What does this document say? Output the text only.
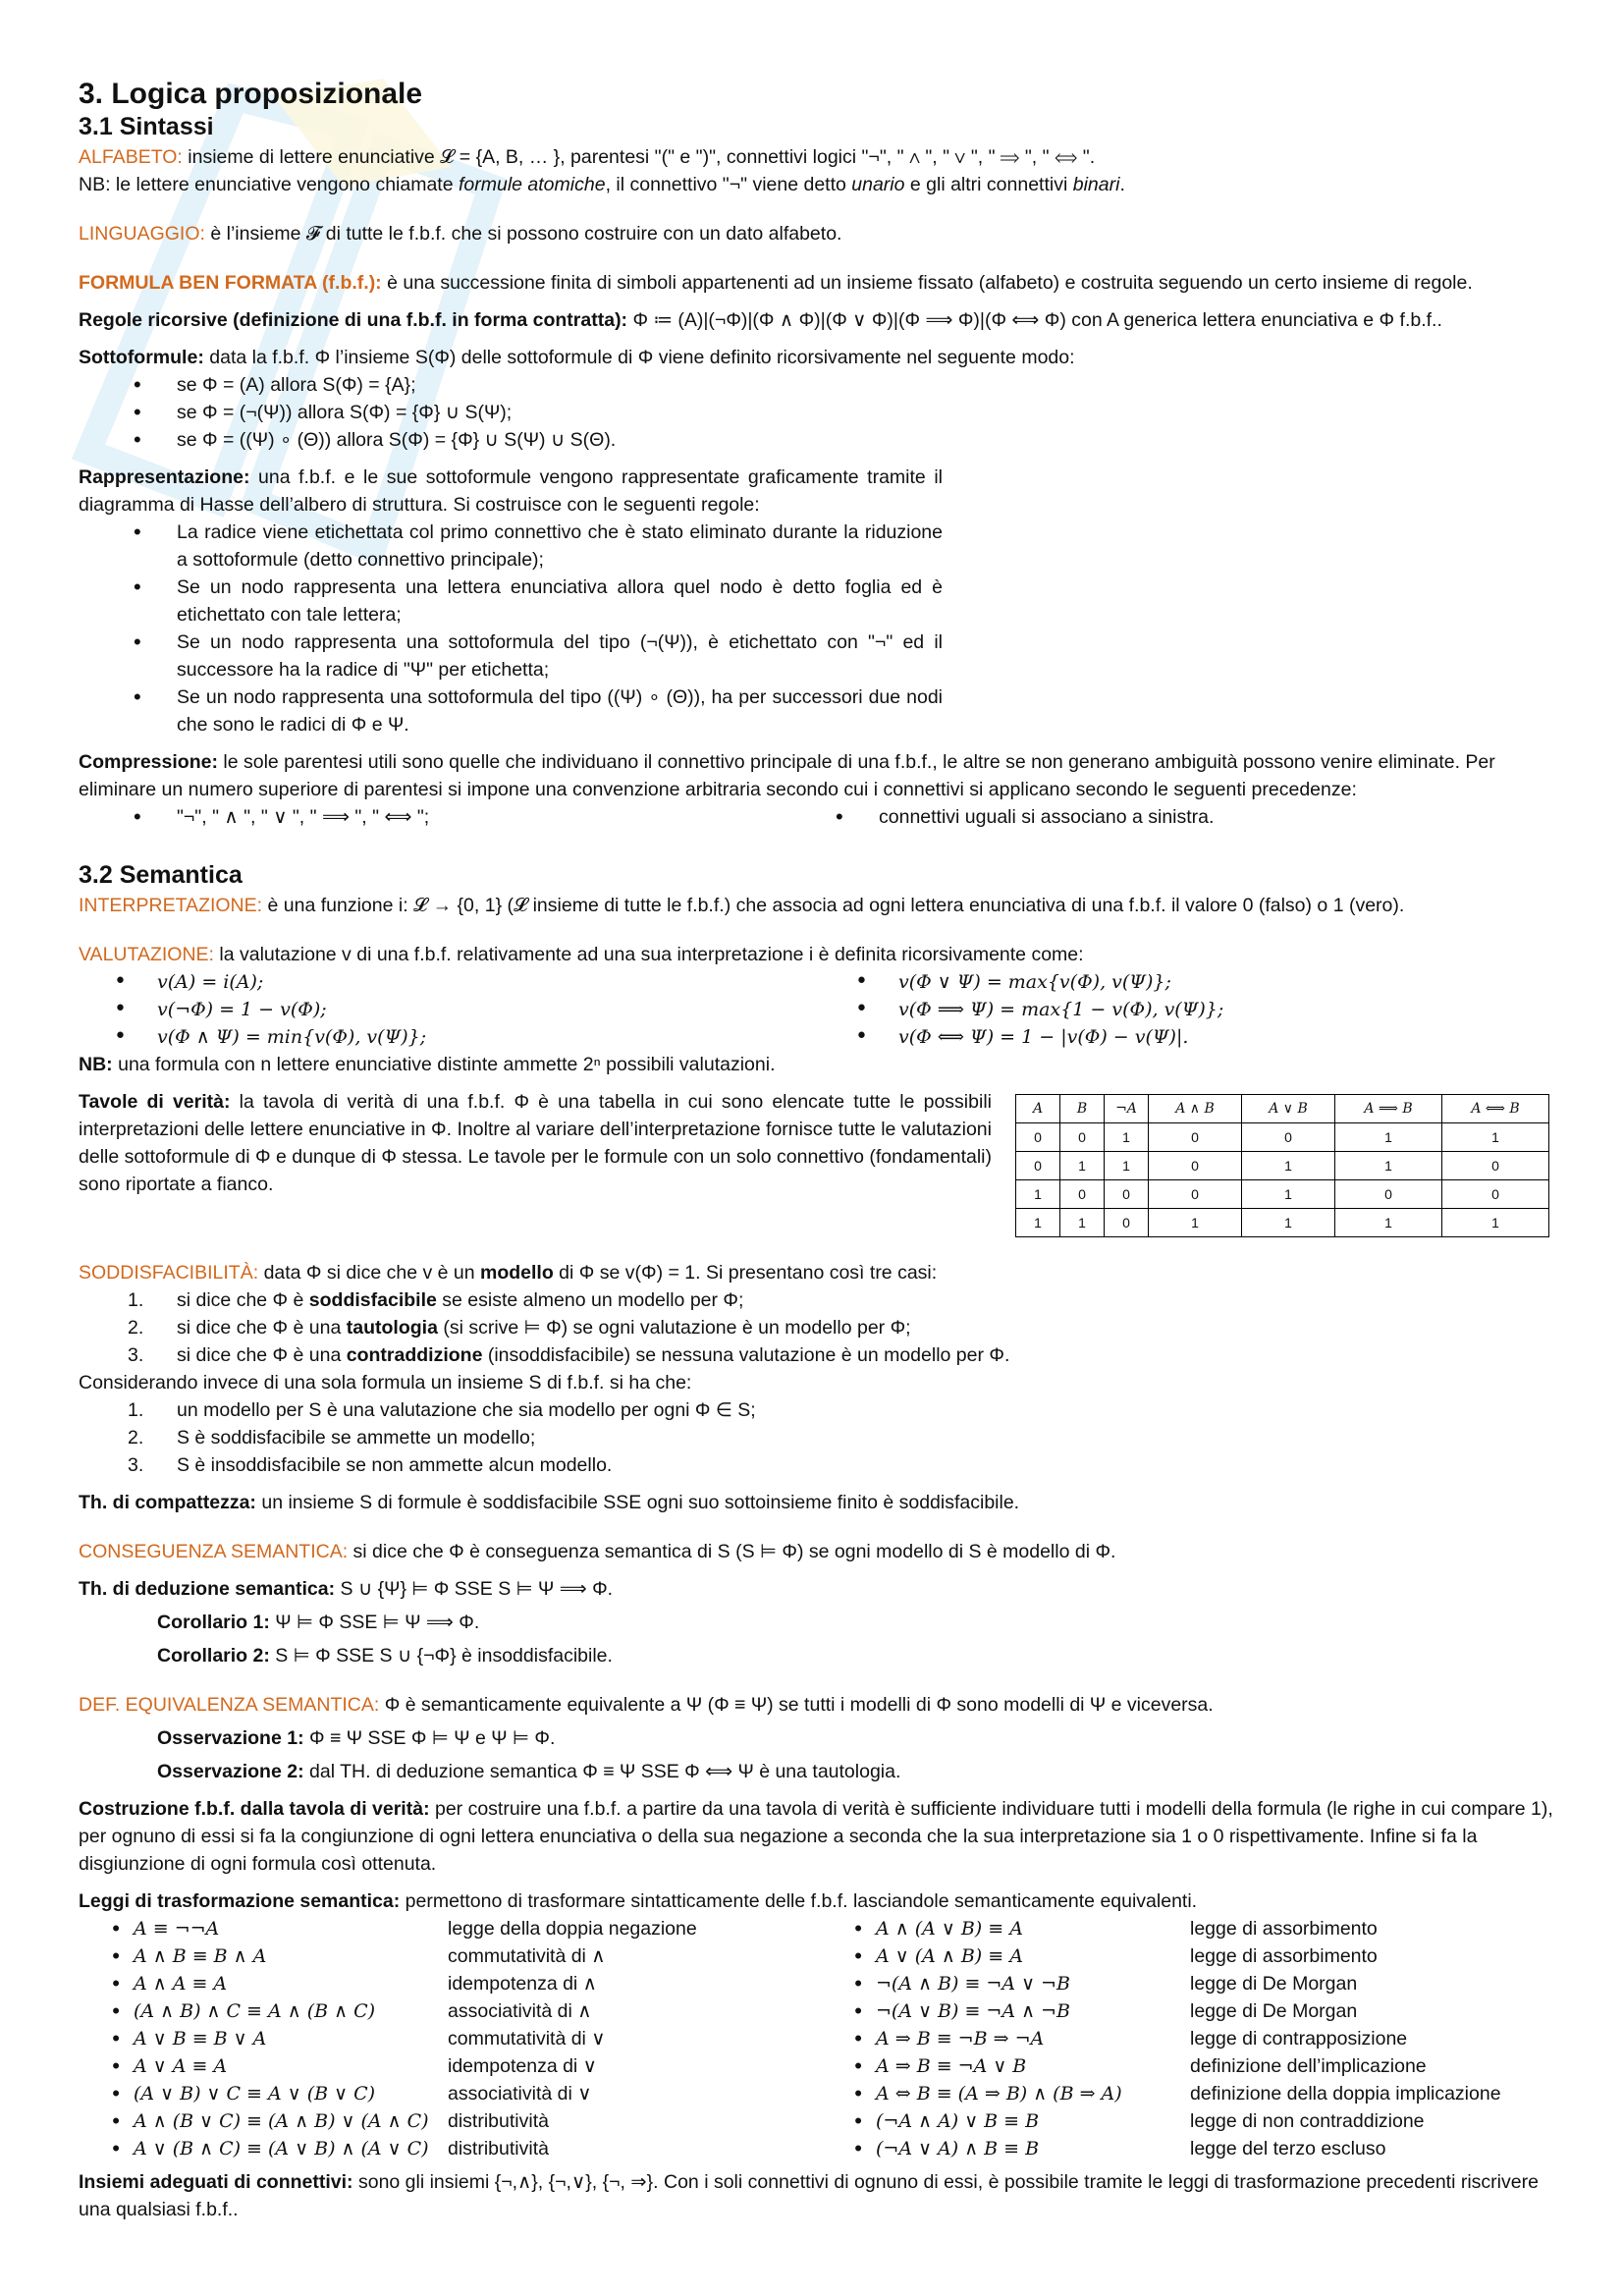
3. Logica proposizionale

3.1 Sintassi

ALFABETO: insieme di lettere enunciative 𝓛 = {A, B, … }, parentesi "(" e ")", connettivi logici "¬", " ∧ ", " ∨ ", " ⟹ ", " ⟺ ".

NB: le lettere enunciative vengono chiamate formule atomiche, il connettivo "¬" viene detto unario e gli altri connettivi binari.

LINGUAGGIO: è l’insieme 𝓕 di tutte le f.b.f. che si possono costruire con un dato alfabeto.

FORMULA BEN FORMATA (f.b.f.): è una successione finita di simboli appartenenti ad un insieme fissato (alfabeto) e costruita seguendo un certo insieme di regole.

Regole ricorsive (definizione di una f.b.f. in forma contratta): Φ ≔ (A)|(¬Φ)|(Φ ∧ Φ)|(Φ ∨ Φ)|(Φ ⟹ Φ)|(Φ ⟺ Φ) con A generica lettera enunciativa e Φ f.b.f..

Sottoformule: data la f.b.f. Φ l’insieme S(Φ) delle sottoformule di Φ viene definito ricorsivamente nel seguente modo:

• se Φ = (A) allora S(Φ) = {A};
• se Φ = (¬(Ψ)) allora S(Φ) = {Φ} ∪ S(Ψ);
• se Φ = ((Ψ) ∘ (Θ)) allora S(Φ) = {Φ} ∪ S(Ψ) ∪ S(Θ).

Rappresentazione: una f.b.f. e le sue sottoformule vengono rappresentate graficamente tramite il diagramma di Hasse dell’albero di struttura. Si costruisce con le seguenti regole:

• La radice viene etichettata col primo connettivo che è stato eliminato durante la riduzione a sottoformule (detto connettivo principale);
• Se un nodo rappresenta una lettera enunciativa allora quel nodo è detto foglia ed è etichettato con tale lettera;
• Se un nodo rappresenta una sottoformula del tipo (¬(Ψ)), è etichettato con "¬" ed il successore ha la radice di "Ψ" per etichetta;
• Se un nodo rappresenta una sottoformula del tipo ((Ψ) ∘ (Θ)), ha per successori due nodi che sono le radici di Φ e Ψ.

Compressione: le sole parentesi utili sono quelle che individuano il connettivo principale di una f.b.f., le altre se non generano ambiguità possono venire eliminate. Per eliminare un numero superiore di parentesi si impone una convenzione arbitraria secondo cui i connettivi si applicano secondo le seguenti precedenze:

• "¬", " ∧ ", " ∨ ", " ⟹ ", " ⟺ ";	• connettivi uguali si associano a sinistra.

3.2 Semantica

INTERPRETAZIONE: è una funzione i: 𝓛 → {0, 1} (𝓛 insieme di tutte le f.b.f.) che associa ad ogni lettera enunciativa di una f.b.f. il valore 0 (falso) o 1 (vero).

VALUTAZIONE: la valutazione v di una f.b.f. relativamente ad una sua interpretazione i è definita ricorsivamente come:

• v(A) = i(A);
• v(¬Φ) = 1 − v(Φ);
• v(Φ ∧ Ψ) = min{v(Φ), v(Ψ)};
• v(Φ ∨ Ψ) = max{v(Φ), v(Ψ)};
• v(Φ ⟹ Ψ) = max{1 − v(Φ), v(Ψ)};
• v(Φ ⟺ Ψ) = 1 − |v(Φ) − v(Ψ)|.

NB: una formula con n lettere enunciative distinte ammette 2ⁿ possibili valutazioni.

Tavole di verità: la tavola di verità di una f.b.f. Φ è una tabella in cui sono elencate tutte le possibili interpretazioni delle lettere enunciative in Φ. Inoltre al variare dell’interpretazione fornisce tutte le valutazioni delle sottoformule di Φ e dunque di Φ stessa. Le tavole per le formule con un solo connettivo (fondamentali) sono riportate a fianco.

A	B	¬A	A ∧ B	A ∨ B	A ⟹ B	A ⟺ B
0	0	1	0	0	1	1
0	1	1	0	1	1	0
1	0	0	0	1	0	0
1	1	0	1	1	1	1

SODDISFACIBILITÀ: data Φ si dice che v è un modello di Φ se v(Φ) = 1. Si presentano così tre casi:

1. si dice che Φ è soddisfacibile se esiste almeno un modello per Φ;
2. si dice che Φ è una tautologia (si scrive ⊨ Φ) se ogni valutazione è un modello per Φ;
3. si dice che Φ è una contraddizione (insoddisfacibile) se nessuna valutazione è un modello per Φ.

Considerando invece di una sola formula un insieme S di f.b.f. si ha che:

1. un modello per S è una valutazione che sia modello per ogni Φ ∈ S;
2. S è soddisfacibile se ammette un modello;
3. S è insoddisfacibile se non ammette alcun modello.

Th. di compattezza: un insieme S di formule è soddisfacibile SSE ogni suo sottoinsieme finito è soddisfacibile.

CONSEGUENZA SEMANTICA: si dice che Φ è conseguenza semantica di S (S ⊨ Φ) se ogni modello di S è modello di Φ.

Th. di deduzione semantica: S ∪ {Ψ} ⊨ Φ SSE S ⊨ Ψ ⟹ Φ.

Corollario 1: Ψ ⊨ Φ SSE ⊨ Ψ ⟹ Φ.

Corollario 2: S ⊨ Φ SSE S ∪ {¬Φ} è insoddisfacibile.

DEF. EQUIVALENZA SEMANTICA: Φ è semanticamente equivalente a Ψ (Φ ≡ Ψ) se tutti i modelli di Φ sono modelli di Ψ e viceversa.

Osservazione 1: Φ ≡ Ψ SSE Φ ⊨ Ψ e Ψ ⊨ Φ.

Osservazione 2: dal TH. di deduzione semantica Φ ≡ Ψ SSE Φ ⟺ Ψ è una tautologia.

Costruzione f.b.f. dalla tavola di verità: per costruire una f.b.f. a partire da una tavola di verità è sufficiente individuare tutti i modelli della formula (le righe in cui compare 1), per ognuno di essi si fa la congiunzione di ogni lettera enunciativa o della sua negazione a seconda che la sua interpretazione sia 1 o 0 rispettivamente. Infine si fa la disgiunzione di ogni formula così ottenuta.

Leggi di trasformazione semantica: permettono di trasformare sintatticamente delle f.b.f. lasciandole semanticamente equivalenti.

• A ≡ ¬¬A	legge della doppia negazione
• A ∧ B ≡ B ∧ A	commutatività di ∧
• A ∧ A ≡ A	idempotenza di ∧
• (A ∧ B) ∧ C ≡ A ∧ (B ∧ C)	associatività di ∧
• A ∨ B ≡ B ∨ A	commutatività di ∨
• A ∨ A ≡ A	idempotenza di ∨
• (A ∨ B) ∨ C ≡ A ∨ (B ∨ C)	associatività di ∨
• A ∧ (B ∨ C) ≡ (A ∧ B) ∨ (A ∧ C) distributività
• A ∨ (B ∧ C) ≡ (A ∨ B) ∧ (A ∨ C) distributività
• A ∧ (A ∨ B) ≡ A	legge di assorbimento
• A ∨ (A ∧ B) ≡ A	legge di assorbimento
• ¬(A ∧ B) ≡ ¬A ∨ ¬B	legge di De Morgan
• ¬(A ∨ B) ≡ ¬A ∧ ¬B	legge di De Morgan
• A ⇒ B ≡ ¬B ⇒ ¬A	legge di contrapposizione
• A ⇒ B ≡ ¬A ∨ B	definizione dell’implicazione
• A ⇔ B ≡ (A ⇒ B) ∧ (B ⇒ A)	definizione della doppia implicazione
• (¬A ∧ A) ∨ B ≡ B	legge di non contraddizione
• (¬A ∨ A) ∧ B ≡ B	legge del terzo escluso

Insiemi adeguati di connettivi: sono gli insiemi {¬,∧}, {¬,∨}, {¬, ⇒}. Con i soli connettivi di ognuno di essi, è possibile tramite le leggi di trasformazione precedenti riscrivere una qualsiasi f.b.f..
